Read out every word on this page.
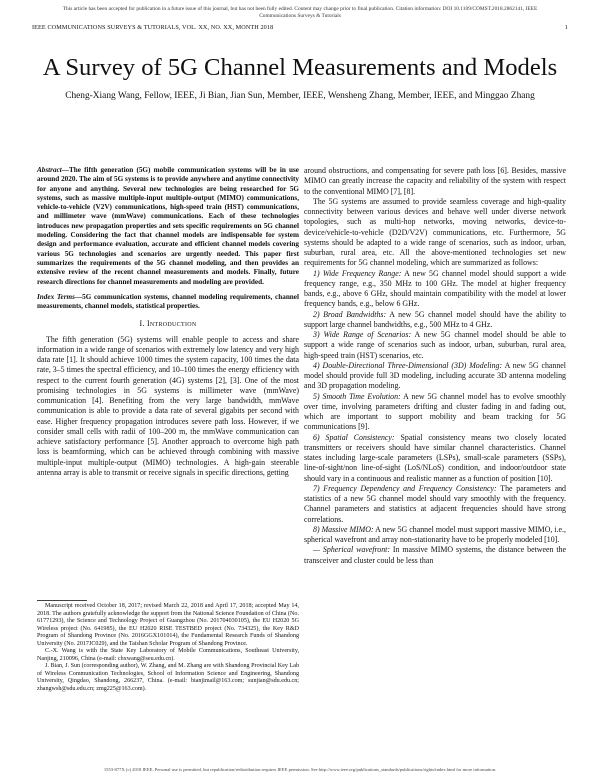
This article has been accepted for publication in a future issue of this journal, but has not been fully edited. Content may change prior to final publication. Citation information: DOI 10.1109/COMST.2018.2862141, IEEE
Communications Surveys & Tutorials
IEEE COMMUNICATIONS SURVEYS & TUTORIALS, VOL. XX, NO. XX, MONTH 2018	1
A Survey of 5G Channel Measurements and Models
Cheng-Xiang Wang, Fellow, IEEE, Ji Bian, Jian Sun, Member, IEEE, Wensheng Zhang, Member, IEEE, and Minggao Zhang

Abstract—The fifth generation (5G) mobile communication systems will be in use around 2020. The aim of 5G systems is to provide anywhere and anytime connectivity for anyone and anything. Several new technologies are being researched for 5G systems, such as massive multiple-input multiple-output (MIMO) communications, vehicle-to-vehicle (V2V) communications, high-speed train (HST) communications, and millimeter wave (mmWave) communications. Each of these technologies introduces new propagation properties and sets specific requirements on 5G channel modeling. Considering the fact that channel models are indispensable for system design and performance evaluation, accurate and efficient channel models covering various 5G technologies and scenarios are urgently needed. This paper first summarizes the requirements of the 5G channel modeling, and then provides an extensive review of the recent channel measurements and models. Finally, future research directions for channel measurements and modeling are provided.

Index Terms—5G communication systems, channel modeling requirements, channel measurements, channel models, statistical properties.

I. Introduction

The fifth generation (5G) systems will enable people to access and share information in a wide range of scenarios with extremely low latency and very high data rate [1]. It should achieve 1000 times the system capacity, 100 times the data rate, 3–5 times the spectral efficiency, and 10–100 times the energy efficiency with respect to the current fourth generation (4G) systems [2], [3]. One of the most promising technologies in 5G systems is millimeter wave (mmWave) communication [4]. Benefiting from the very large bandwidth, mmWave communication is able to provide a data rate of several gigabits per second with ease. Higher frequency propagation introduces severe path loss. However, if we consider small cells with radii of 100–200 m, the mmWave communication can achieve satisfactory performance [5]. Another approach to overcome high path loss is beamforming, which can be achieved through combining with massive multiple-input multiple-output (MIMO) technologies. A high-gain steerable antenna array is able to transmit or receive signals in specific directions, getting

Manuscript received October 18, 2017; revised March 22, 2018 and April 17, 2018; accepted May 14, 2018. The authors gratefully acknowledge the support from the National Science Foundation of China (No. 61771293), the Science and Technology Project of Guangzhou (No. 201704030105), the EU H2020 5G Wireless project (No. 641985), the EU H2020 RISE TESTBED project (No. 734325), the Key R&D Program of Shandong Province (No. 2016GGX101014), the Fundamental Research Funds of Shandong University (No. 2017JC029), and the Taishan Scholar Program of Shandong Province.

C.-X. Wang is with the State Key Laboratory of Mobile Communications, Southeast University, Nanjing, 210096, China (e-mail: chxwang@seu.edu.cn).

J. Bian, J. Sun (corresponding author), W. Zhang, and M. Zhang are with Shandong Provincial Key Lab of Wireless Communication Technologies, School of Information Science and Engineering, Shandong University, Qingdao, Shandong, 266237, China. (e-mail: bianjimail@163.com; sunjian@sdu.edu.cn; zhangwsh@sdu.edu.cn; zmg225@163.com).

around obstructions, and compensating for severe path loss [6]. Besides, massive MIMO can greatly increase the capacity and reliability of the system with respect to the conventional MIMO [7], [8].

The 5G systems are assumed to provide seamless coverage and high-quality connectivity between various devices and behave well under diverse network topologies, such as multi-hop networks, moving networks, device-to-device/vehicle-to-vehicle (D2D/V2V) communications, etc. Furthermore, 5G systems should be adapted to a wide range of scenarios, such as indoor, urban, suburban, rural area, etc. All the above-mentioned technologies set new requirements for 5G channel modeling, which are summarized as follows:

1) Wide Frequency Range: A new 5G channel model should support a wide frequency range, e.g., 350 MHz to 100 GHz. The model at higher frequency bands, e.g., above 6 GHz, should maintain compatibility with the model at lower frequency bands, e.g., below 6 GHz.

2) Broad Bandwidths: A new 5G channel model should have the ability to support large channel bandwidths, e.g., 500 MHz to 4 GHz.

3) Wide Range of Scenarios: A new 5G channel model should be able to support a wide range of scenarios such as indoor, urban, suburban, rural area, high-speed train (HST) scenarios, etc.

4) Double-Directional Three-Dimensional (3D) Modeling: A new 5G channel model should provide full 3D modeling, including accurate 3D antenna modeling and 3D propagation modeling.

5) Smooth Time Evolution: A new 5G channel model has to evolve smoothly over time, involving parameters drifting and cluster fading in and fading out, which are important to support mobility and beam tracking for 5G communications [9].

6) Spatial Consistency: Spatial consistency means two closely located transmitters or receivers should have similar channel characteristics. Channel states including large-scale parameters (LSPs), small-scale parameters (SSPs), line-of-sight/non line-of-sight (LoS/NLoS) condition, and indoor/outdoor state should vary in a continuous and realistic manner as a function of position [10].

7) Frequency Dependency and Frequency Consistency: The parameters and statistics of a new 5G channel model should vary smoothly with the frequency. Channel parameters and statistics at adjacent frequencies should have strong correlations.

8) Massive MIMO: A new 5G channel model must support massive MIMO, i.e., spherical wavefront and array non-stationarity have to be properly modeled [10].

— Spherical wavefront: In massive MIMO systems, the distance between the transceiver and cluster could be less than

1553-877X (c) 2018 IEEE. Personal use is permitted, but republication/redistribution requires IEEE permission. See http://www.ieee.org/publications_standards/publications/rights/index.html for more information.
